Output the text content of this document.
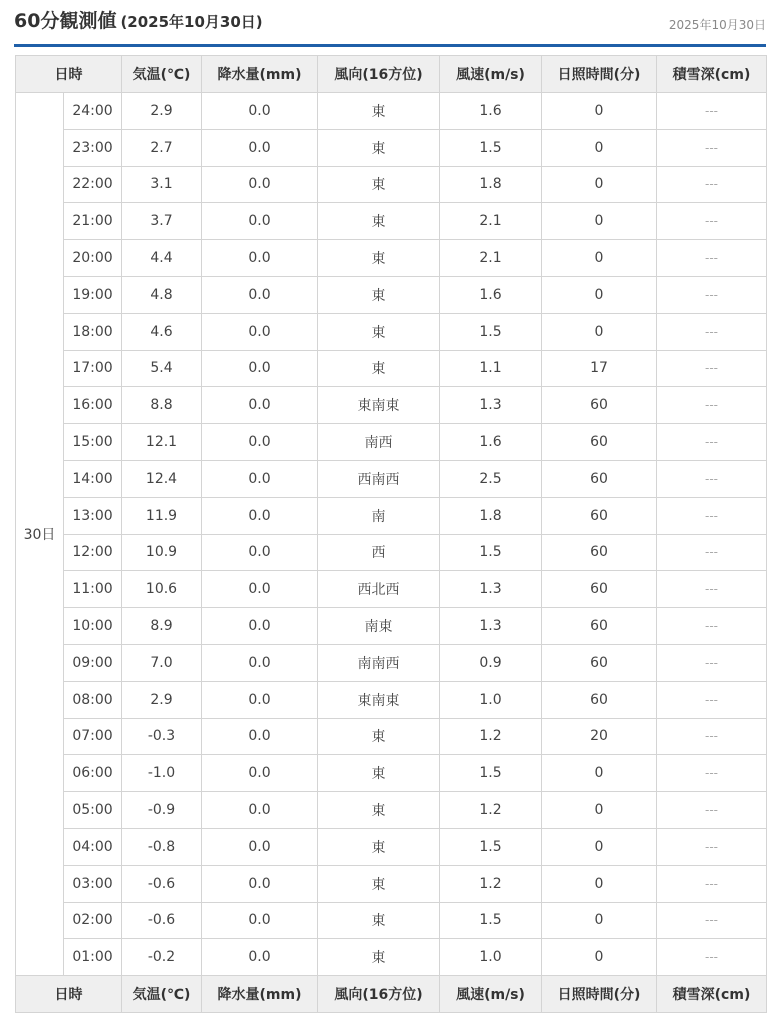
60分観測値 (2025年10月30日)	2025年10月30日
日時		気温(℃)	降水量(mm)	風向(16方位)	風速(m/s)	日照時間(分)	積雪深(cm)
30日	24:00	2.9	0.0	東	1.6	0	---
	23:00	2.7	0.0	東	1.5	0	---
	22:00	3.1	0.0	東	1.8	0	---
	21:00	3.7	0.0	東	2.1	0	---
	20:00	4.4	0.0	東	2.1	0	---
	19:00	4.8	0.0	東	1.6	0	---
	18:00	4.6	0.0	東	1.5	0	---
	17:00	5.4	0.0	東	1.1	17	---
	16:00	8.8	0.0	東南東	1.3	60	---
	15:00	12.1	0.0	南西	1.6	60	---
	14:00	12.4	0.0	西南西	2.5	60	---
	13:00	11.9	0.0	南	1.8	60	---
	12:00	10.9	0.0	西	1.5	60	---
	11:00	10.6	0.0	西北西	1.3	60	---
	10:00	8.9	0.0	南東	1.3	60	---
	09:00	7.0	0.0	南南西	0.9	60	---
	08:00	2.9	0.0	東南東	1.0	60	---
	07:00	-0.3	0.0	東	1.2	20	---
	06:00	-1.0	0.0	東	1.5	0	---
	05:00	-0.9	0.0	東	1.2	0	---
	04:00	-0.8	0.0	東	1.5	0	---
	03:00	-0.6	0.0	東	1.2	0	---
	02:00	-0.6	0.0	東	1.5	0	---
	01:00	-0.2	0.0	東	1.0	0	---
日時		気温(℃)	降水量(mm)	風向(16方位)	風速(m/s)	日照時間(分)	積雪深(cm)
